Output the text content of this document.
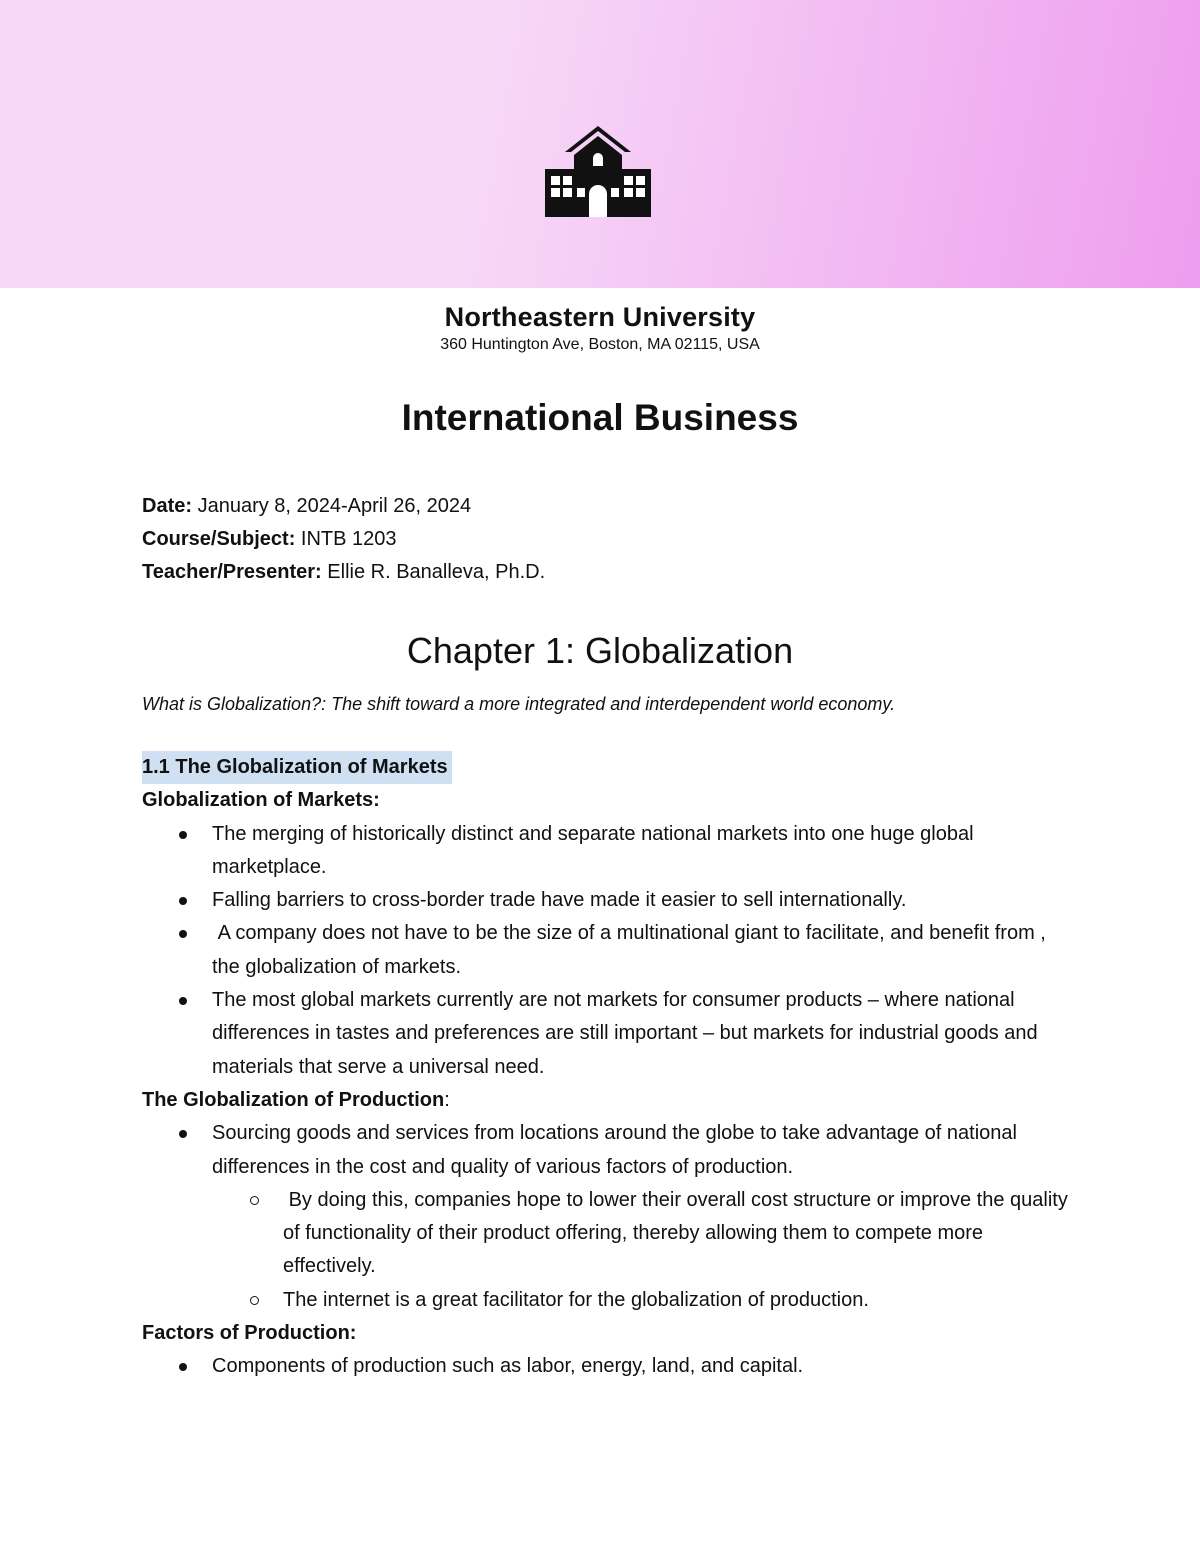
Northeastern University
360 Huntington Ave, Boston, MA 02115, USA
International Business
Date: January 8, 2024-April 26, 2024
Course/Subject: INTB 1203
Teacher/Presenter: Ellie R. Banalleva, Ph.D.
Chapter 1: Globalization
What is Globalization?: The shift toward a more integrated and interdependent world economy.
1.1 The Globalization of Markets
Globalization of Markets:
The merging of historically distinct and separate national markets into one huge global marketplace.
Falling barriers to cross-border trade have made it easier to sell internationally.
A company does not have to be the size of a multinational giant to facilitate, and benefit from , the globalization of markets.
The most global markets currently are not markets for consumer products – where national differences in tastes and preferences are still important – but markets for industrial goods and materials that serve a universal need.
The Globalization of Production:
Sourcing goods and services from locations around the globe to take advantage of national differences in the cost and quality of various factors of production.
By doing this, companies hope to lower their overall cost structure or improve the quality of functionality of their product offering, thereby allowing them to compete more effectively.
The internet is a great facilitator for the globalization of production.
Factors of Production:
Components of production such as labor, energy, land, and capital.
